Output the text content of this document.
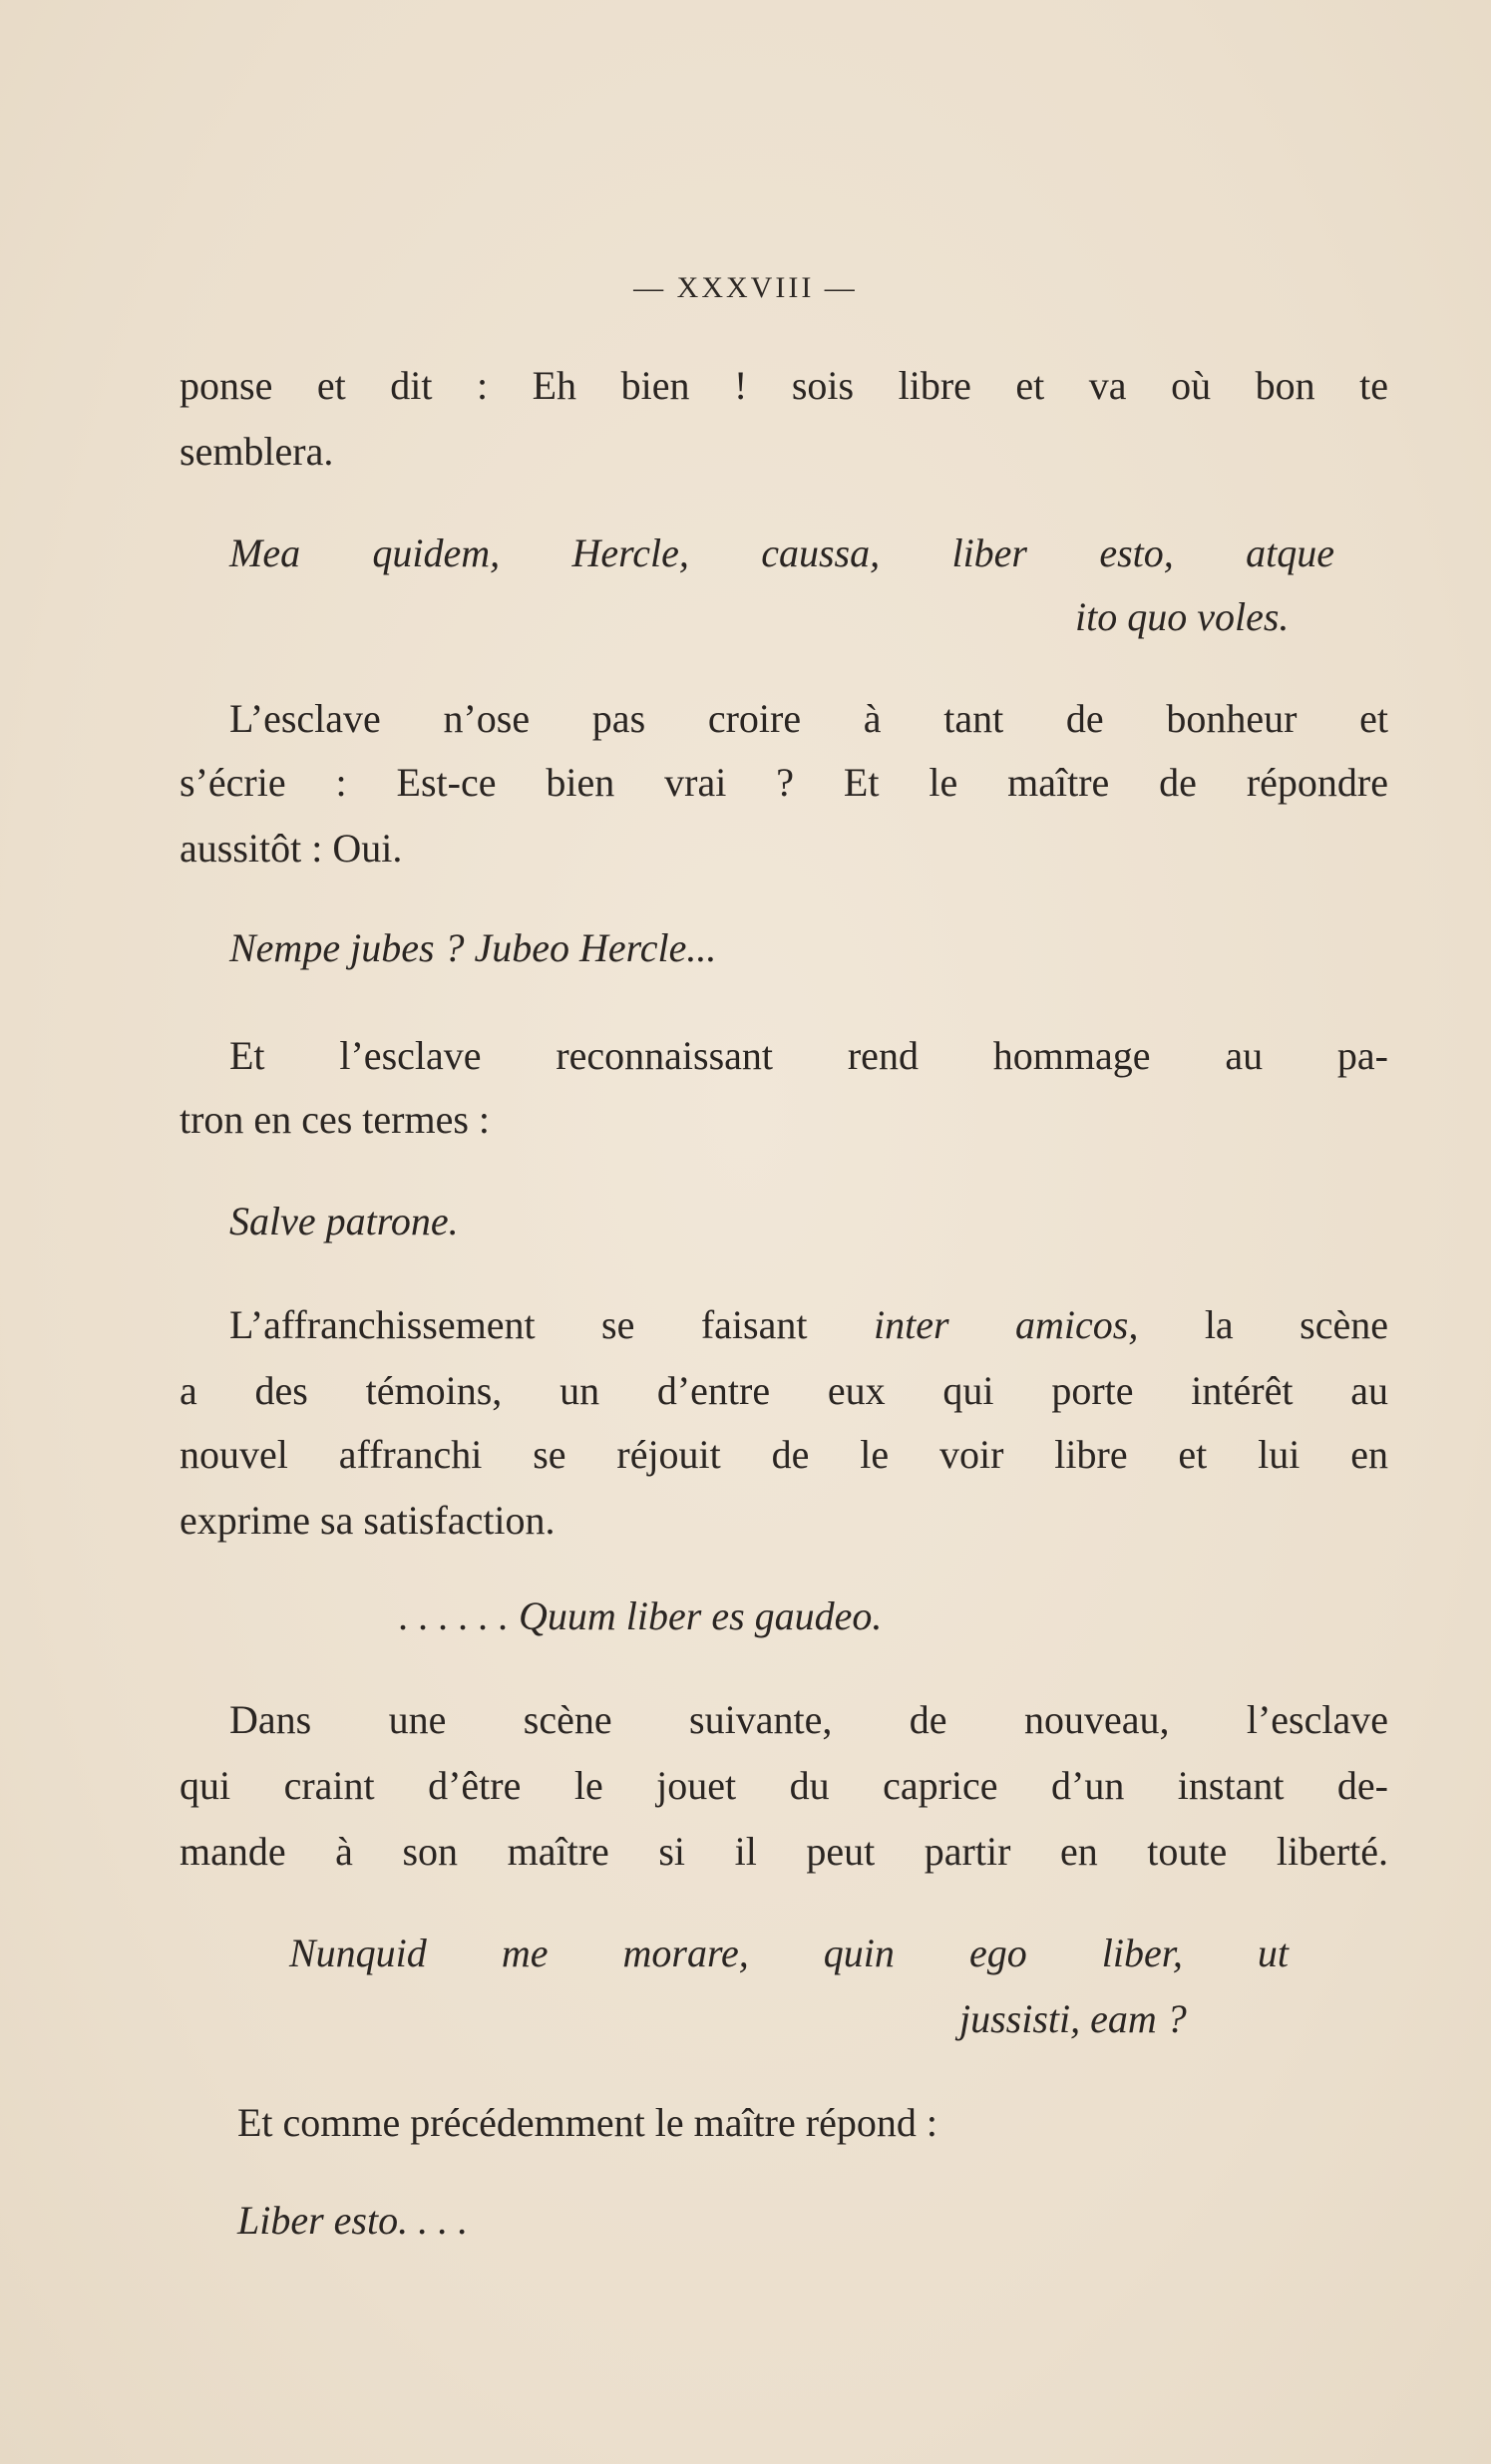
— XXXVIII —
ponse et dit : Eh bien ! sois libre et va où bon te
semblera.
Mea quidem, Hercle, caussa, liber esto, atque
ito quo voles.
L’esclave n’ose pas croire à tant de bonheur et
s’écrie : Est-ce bien vrai ? Et le maître de répondre
aussitôt : Oui.
Nempe jubes ? Jubeo Hercle...
Et l’esclave reconnaissant rend hommage au pa-
tron en ces termes :
Salve patrone.
L’affranchissement se faisant inter amicos, la scène
a des témoins, un d’entre eux qui porte intérêt au
nouvel affranchi se réjouit de le voir libre et lui en
exprime sa satisfaction.
. . . . . . Quum liber es gaudeo.
Dans une scène suivante, de nouveau, l’esclave
qui craint d’être le jouet du caprice d’un instant de-
mande à son maître si il peut partir en toute liberté.
Nunquid me morare, quin ego liber, ut
jussisti, eam ?
Et comme précédemment le maître répond :
Liber esto. . . .
